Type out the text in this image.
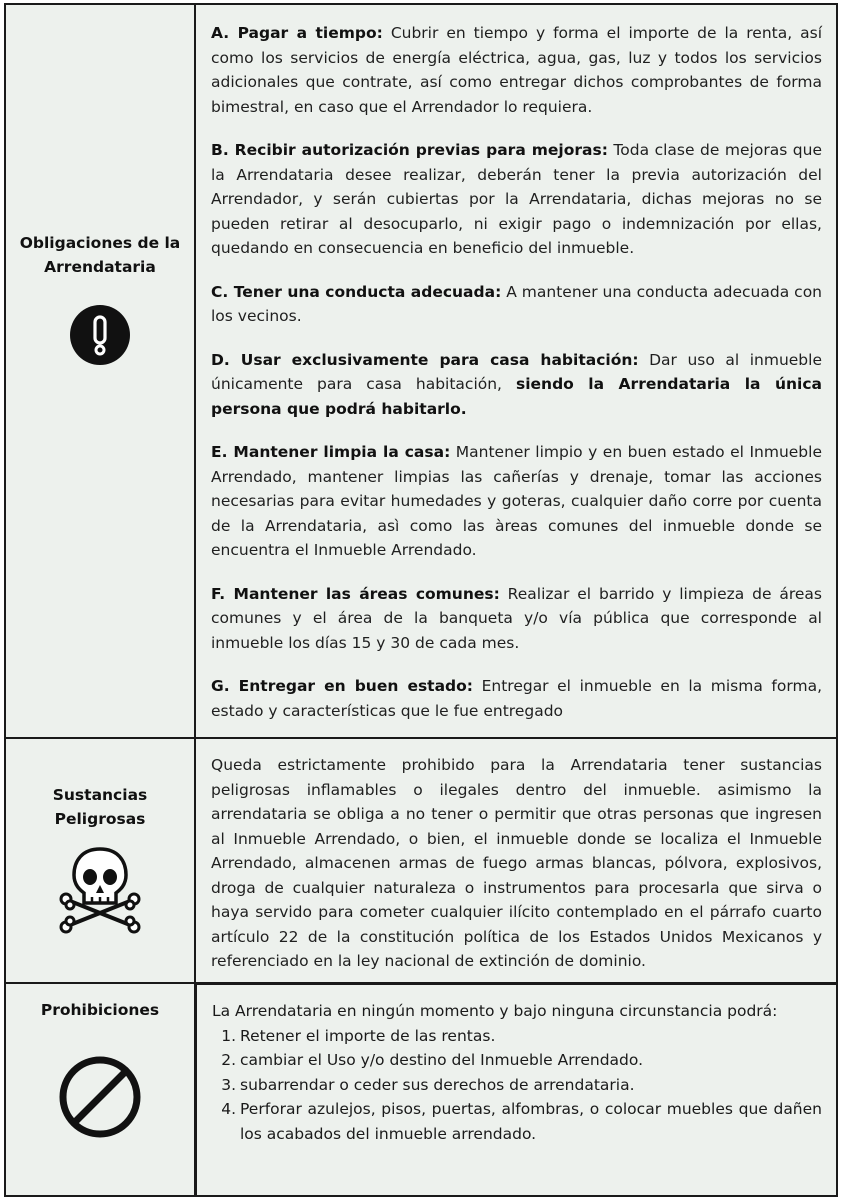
Obligaciones de la Arrendataria

A. Pagar a tiempo: Cubrir en tiempo y forma el importe de la renta, así como los servicios de energía eléctrica, agua, gas, luz y todos los servicios adicionales que contrate, así como entregar dichos comprobantes de forma bimestral, en caso que el Arrendador lo requiera.

B. Recibir autorización previas para mejoras: Toda clase de mejoras que la Arrendataria desee realizar, deberán tener la previa autorización del Arrendador, y serán cubiertas por la Arrendataria, dichas mejoras no se pueden retirar al desocuparlo, ni exigir pago o indemnización por ellas, quedando en consecuencia en beneficio del inmueble.

C. Tener una conducta adecuada: A mantener una conducta adecuada con los vecinos.

D. Usar exclusivamente para casa habitación: Dar uso al inmueble únicamente para casa habitación, siendo la Arrendataria la única persona que podrá habitarlo.

E. Mantener limpia la casa: Mantener limpio y en buen estado el Inmueble Arrendado, mantener limpias las cañerías y drenaje, tomar las acciones necesarias para evitar humedades y goteras, cualquier daño corre por cuenta de la Arrendataria, asì como las àreas comunes del inmueble donde se encuentra el Inmueble Arrendado.

F. Mantener las áreas comunes: Realizar el barrido y limpieza de áreas comunes y el área de la banqueta y/o vía pública que corresponde al inmueble los días 15 y 30 de cada mes.

G. Entregar en buen estado: Entregar el inmueble en la misma forma, estado y características que le fue entregado

Sustancias Peligrosas

Queda estrictamente prohibido para la Arrendataria tener sustancias peligrosas inflamables o ilegales dentro del inmueble. asimismo la arrendataria se obliga a no tener o permitir que otras personas que ingresen al Inmueble Arrendado, o bien, el inmueble donde se localiza el Inmueble Arrendado, almacenen armas de fuego armas blancas, pólvora, explosivos, droga de cualquier naturaleza o instrumentos para procesarla que sirva o haya servido para cometer cualquier ilícito contemplado en el párrafo cuarto artículo 22 de la constitución política de los Estados Unidos Mexicanos y referenciado en la ley nacional de extinción de dominio.

Prohibiciones	La Arrendataria en ningún momento y bajo ninguna circunstancia podrá:

1. Retener el importe de las rentas.
2. cambiar el Uso y/o destino del Inmueble Arrendado.
3. subarrendar o ceder sus derechos de arrendataria.
4. Perforar azulejos, pisos, puertas, alfombras, o colocar muebles que dañen los acabados del inmueble arrendado.
